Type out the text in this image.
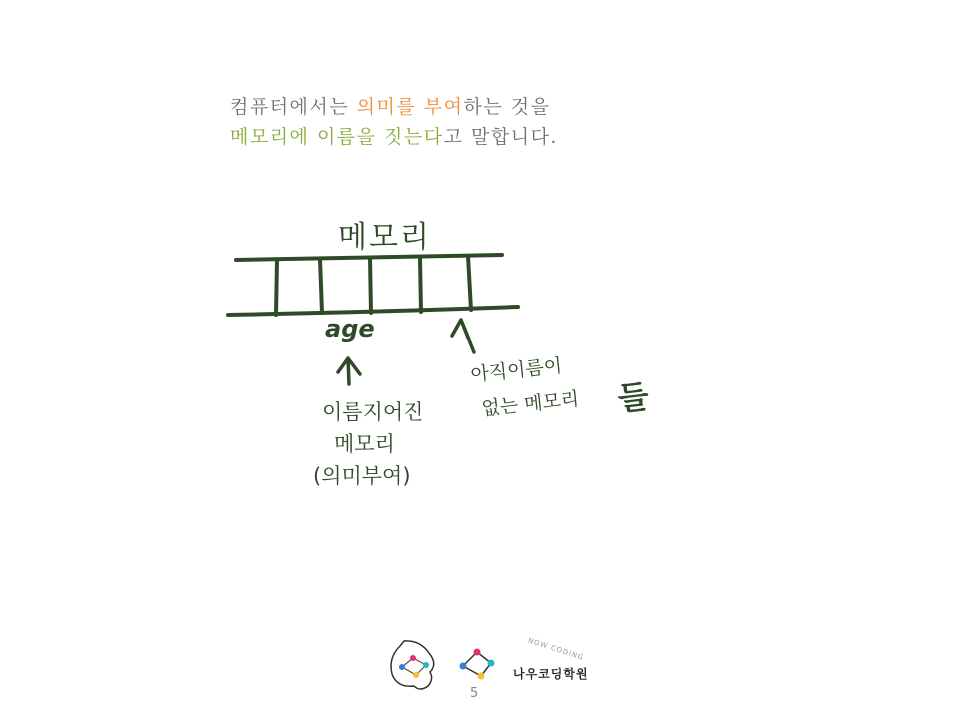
컴퓨터에서는 의미를 부여하는 것을
메모리에 이름을 짓는다고 말합니다.
메모리
age
이름지어진
메모리
(의미부여)
아직이름이
없는 메모리 들
NOW CODING
나우코딩학원
5
